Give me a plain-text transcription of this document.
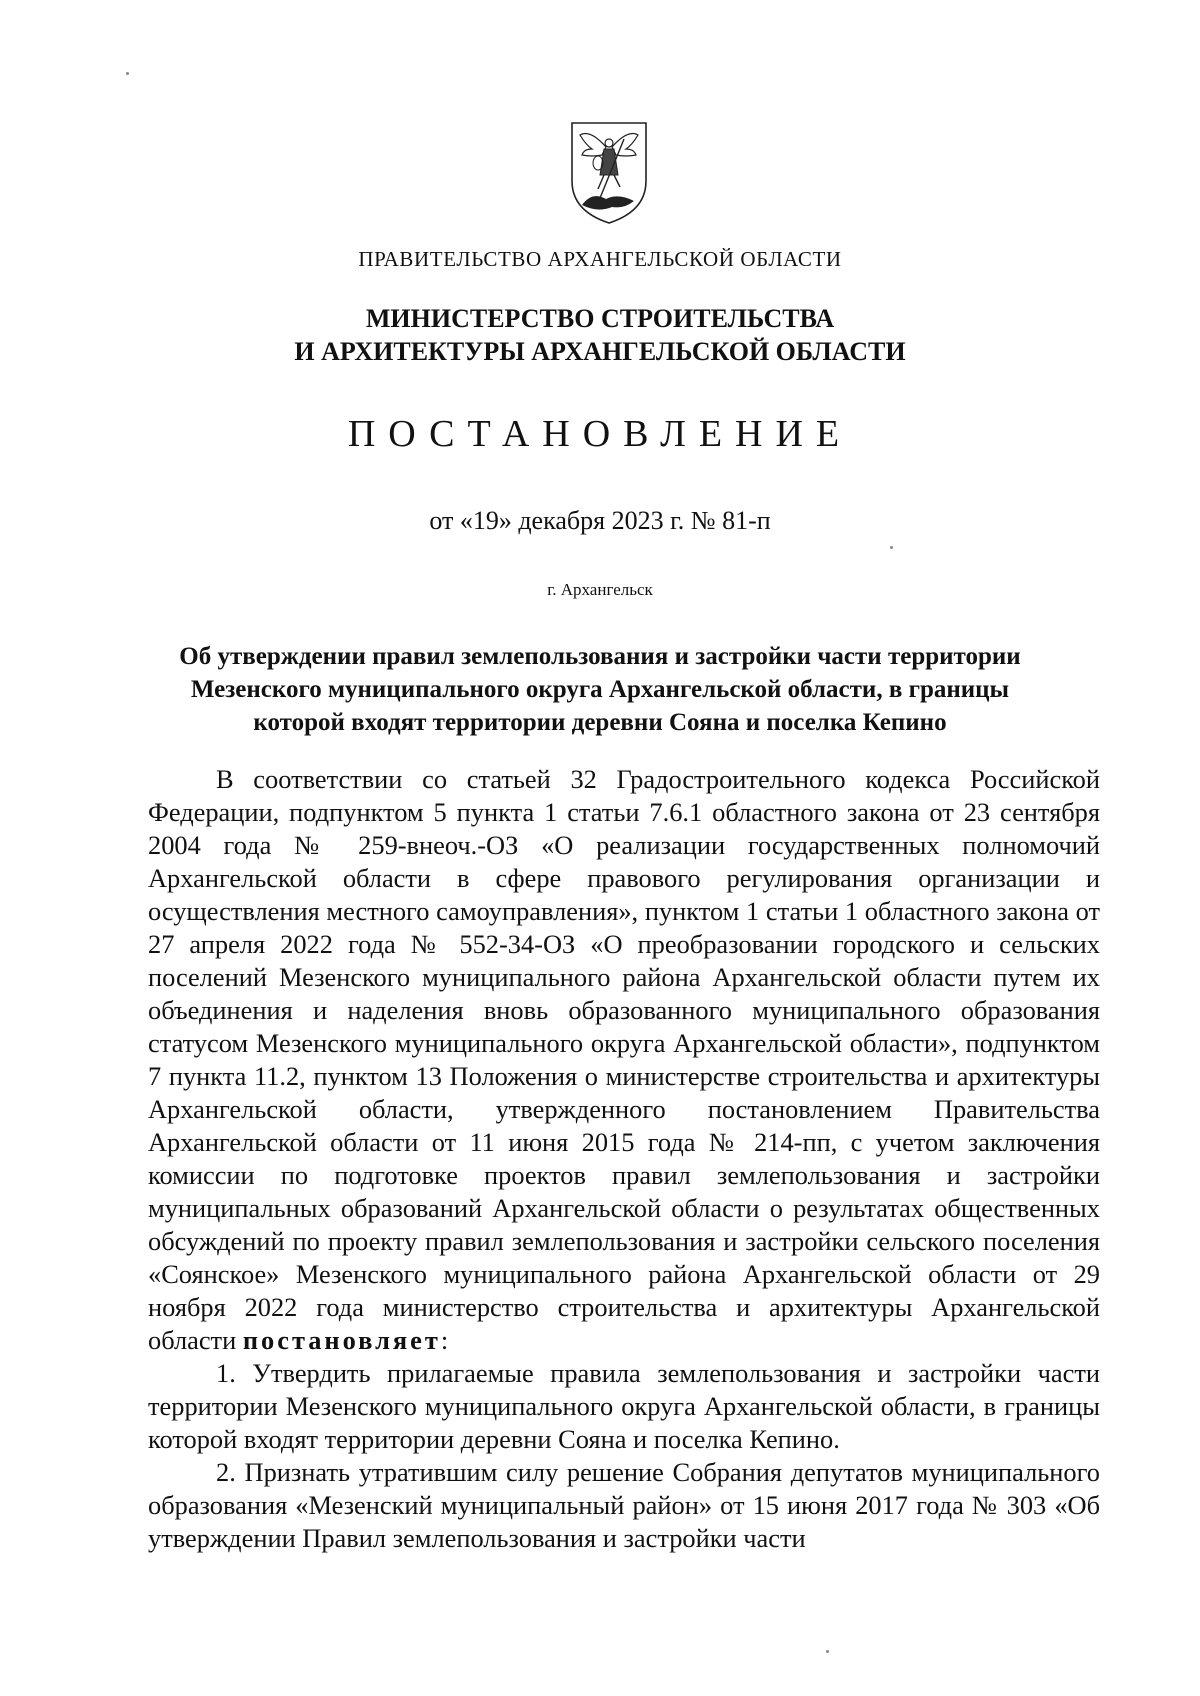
ПРАВИТЕЛЬСТВО АРХАНГЕЛЬСКОЙ ОБЛАСТИ
МИНИСТЕРСТВО СТРОИТЕЛЬСТВА
И АРХИТЕКТУРЫ АРХАНГЕЛЬСКОЙ ОБЛАСТИ
ПОСТАНОВЛЕНИЕ
от «19» декабря 2023 г. № 81-п
г. Архангельск
Об утверждении правил землепользования и застройки части территории
Мезенского муниципального округа Архангельской области, в границы
которой входят территории деревни Сояна и поселка Кепино

В соответствии со статьей 32 Градостроительного кодекса Российской Федерации, подпунктом 5 пункта 1 статьи 7.6.1 областного закона от 23 сентября 2004 года № 259-внеоч.-ОЗ «О реализации государственных полномочий Архангельской области в сфере правового регулирования организации и осуществления местного самоуправления», пунктом 1 статьи 1 областного закона от 27 апреля 2022 года № 552-34-ОЗ «О преобразовании городского и сельских поселений Мезенского муниципального района Архангельской области путем их объединения и наделения вновь образованного муниципального образования статусом Мезенского муниципального округа Архангельской области», подпунктом 7 пункта 11.2, пунктом 13 Положения о министерстве строительства и архитектуры Архангельской области, утвержденного постановлением Правительства Архангельской области от 11 июня 2015 года № 214-пп, с учетом заключения комиссии по подготовке проектов правил землепользования и застройки муниципальных образований Архангельской области о результатах общественных обсуждений по проекту правил землепользования и застройки сельского поселения «Соянское» Мезенского муниципального района Архангельской области от 29 ноября 2022 года министерство строительства и архитектуры Архангельской области постановляет:

1. Утвердить прилагаемые правила землепользования и застройки части территории Мезенского муниципального округа Архангельской области, в границы которой входят территории деревни Сояна и поселка Кепино.

2. Признать утратившим силу решение Собрания депутатов муниципального образования «Мезенский муниципальный район» от 15 июня 2017 года № 303 «Об утверждении Правил землепользования и застройки части
